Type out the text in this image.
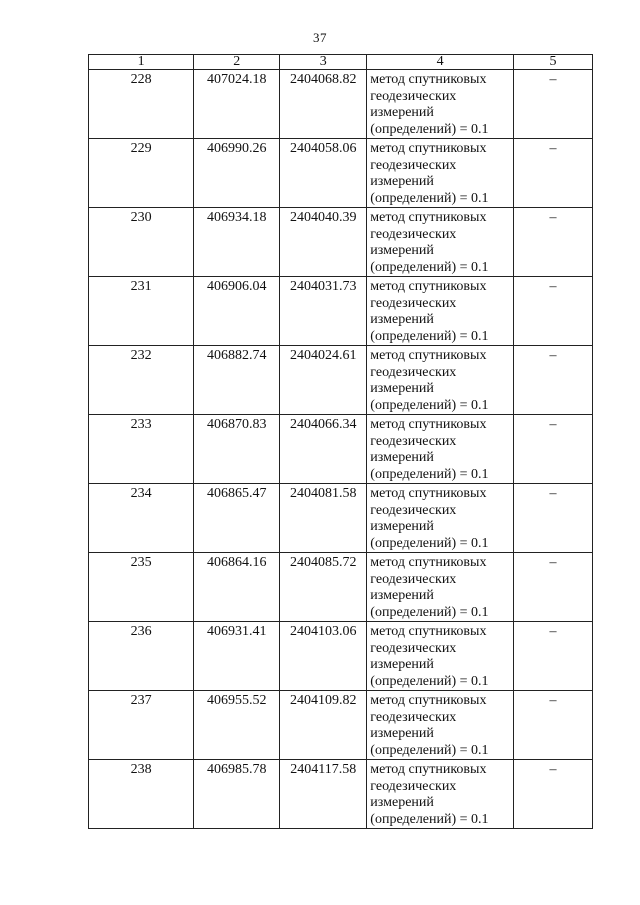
37
1	2	3	4	5
228	407024.18	2404068.82	метод спутниковых геодезических измерений (определений) = 0.1	–
229	406990.26	2404058.06	метод спутниковых геодезических измерений (определений) = 0.1	–
230	406934.18	2404040.39	метод спутниковых геодезических измерений (определений) = 0.1	–
231	406906.04	2404031.73	метод спутниковых геодезических измерений (определений) = 0.1	–
232	406882.74	2404024.61	метод спутниковых геодезических измерений (определений) = 0.1	–
233	406870.83	2404066.34	метод спутниковых геодезических измерений (определений) = 0.1	–
234	406865.47	2404081.58	метод спутниковых геодезических измерений (определений) = 0.1	–
235	406864.16	2404085.72	метод спутниковых геодезических измерений (определений) = 0.1	–
236	406931.41	2404103.06	метод спутниковых геодезических измерений (определений) = 0.1	–
237	406955.52	2404109.82	метод спутниковых геодезических измерений (определений) = 0.1	–
238	406985.78	2404117.58	метод спутниковых геодезических измерений (определений) = 0.1	–
